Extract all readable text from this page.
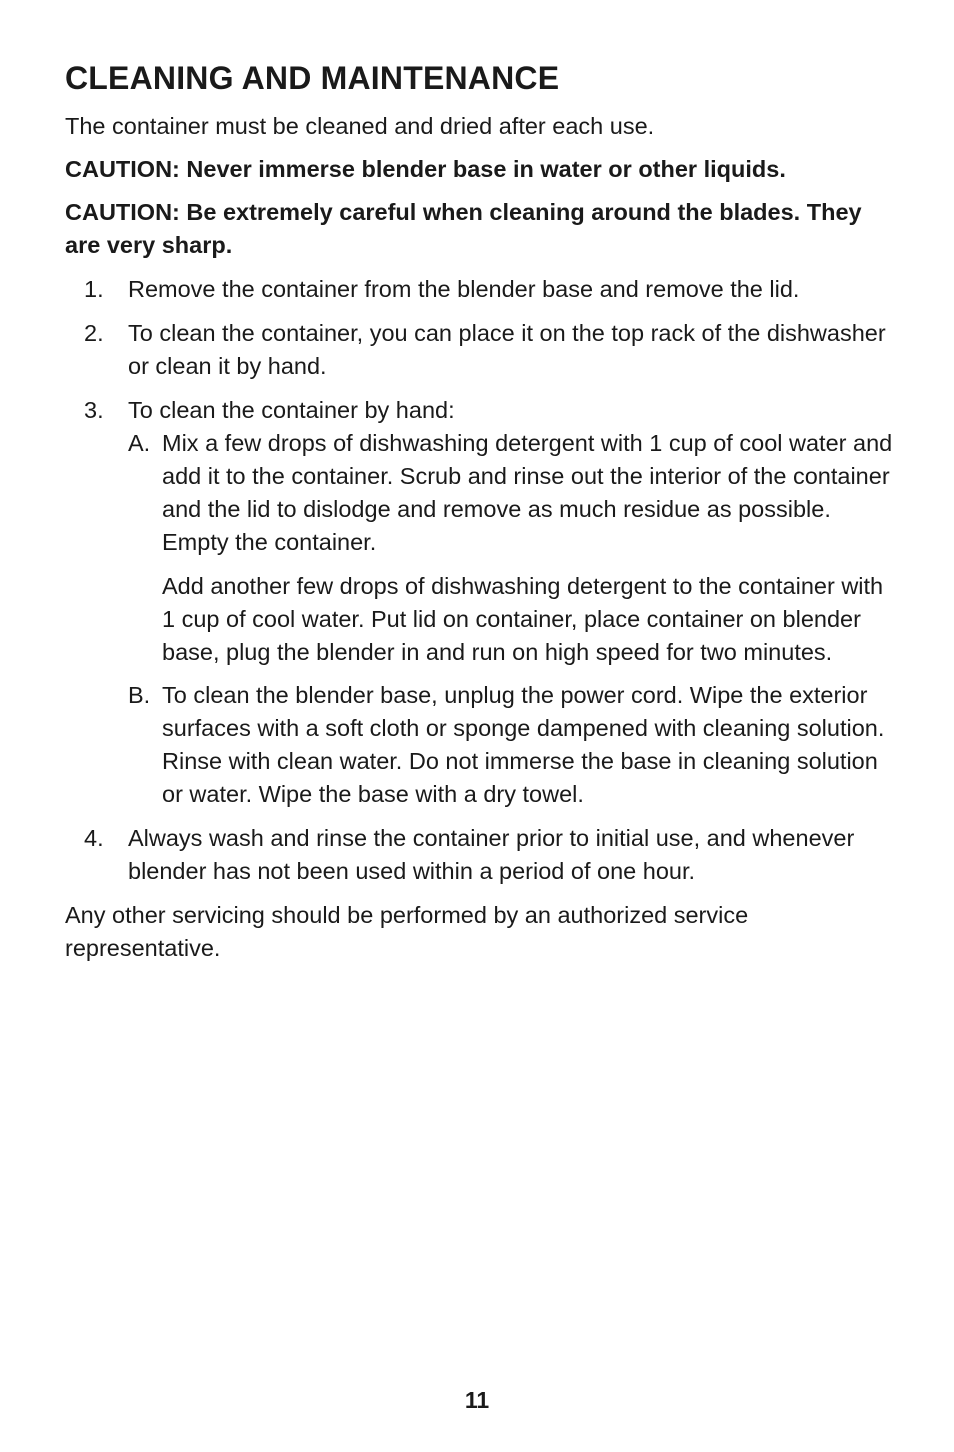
CLEANING AND MAINTENANCE

The container must be cleaned and dried after each use.

CAUTION: Never immerse blender base in water or other liquids.

CAUTION: Be extremely careful when cleaning around the blades. They are very sharp.

1. Remove the container from the blender base and remove the lid.
2. To clean the container, you can place it on the top rack of the dishwasher or clean it by hand.
3. To clean the container by hand:
A. Mix a few drops of dishwashing detergent with 1 cup of cool water and add it to the container. Scrub and rinse out the interior of the container and the lid to dislodge and remove as much residue as possible. Empty the container.
Add another few drops of dishwashing detergent to the container with 1 cup of cool water. Put lid on container, place container on blender base, plug the blender in and run on high speed for two minutes.
B. To clean the blender base, unplug the power cord. Wipe the exterior surfaces with a soft cloth or sponge dampened with cleaning solution. Rinse with clean water. Do not immerse the base in cleaning solution or water. Wipe the base with a dry towel.
4. Always wash and rinse the container prior to initial use, and whenever blender has not been used within a period of one hour.

Any other servicing should be performed by an authorized service representative.

11
